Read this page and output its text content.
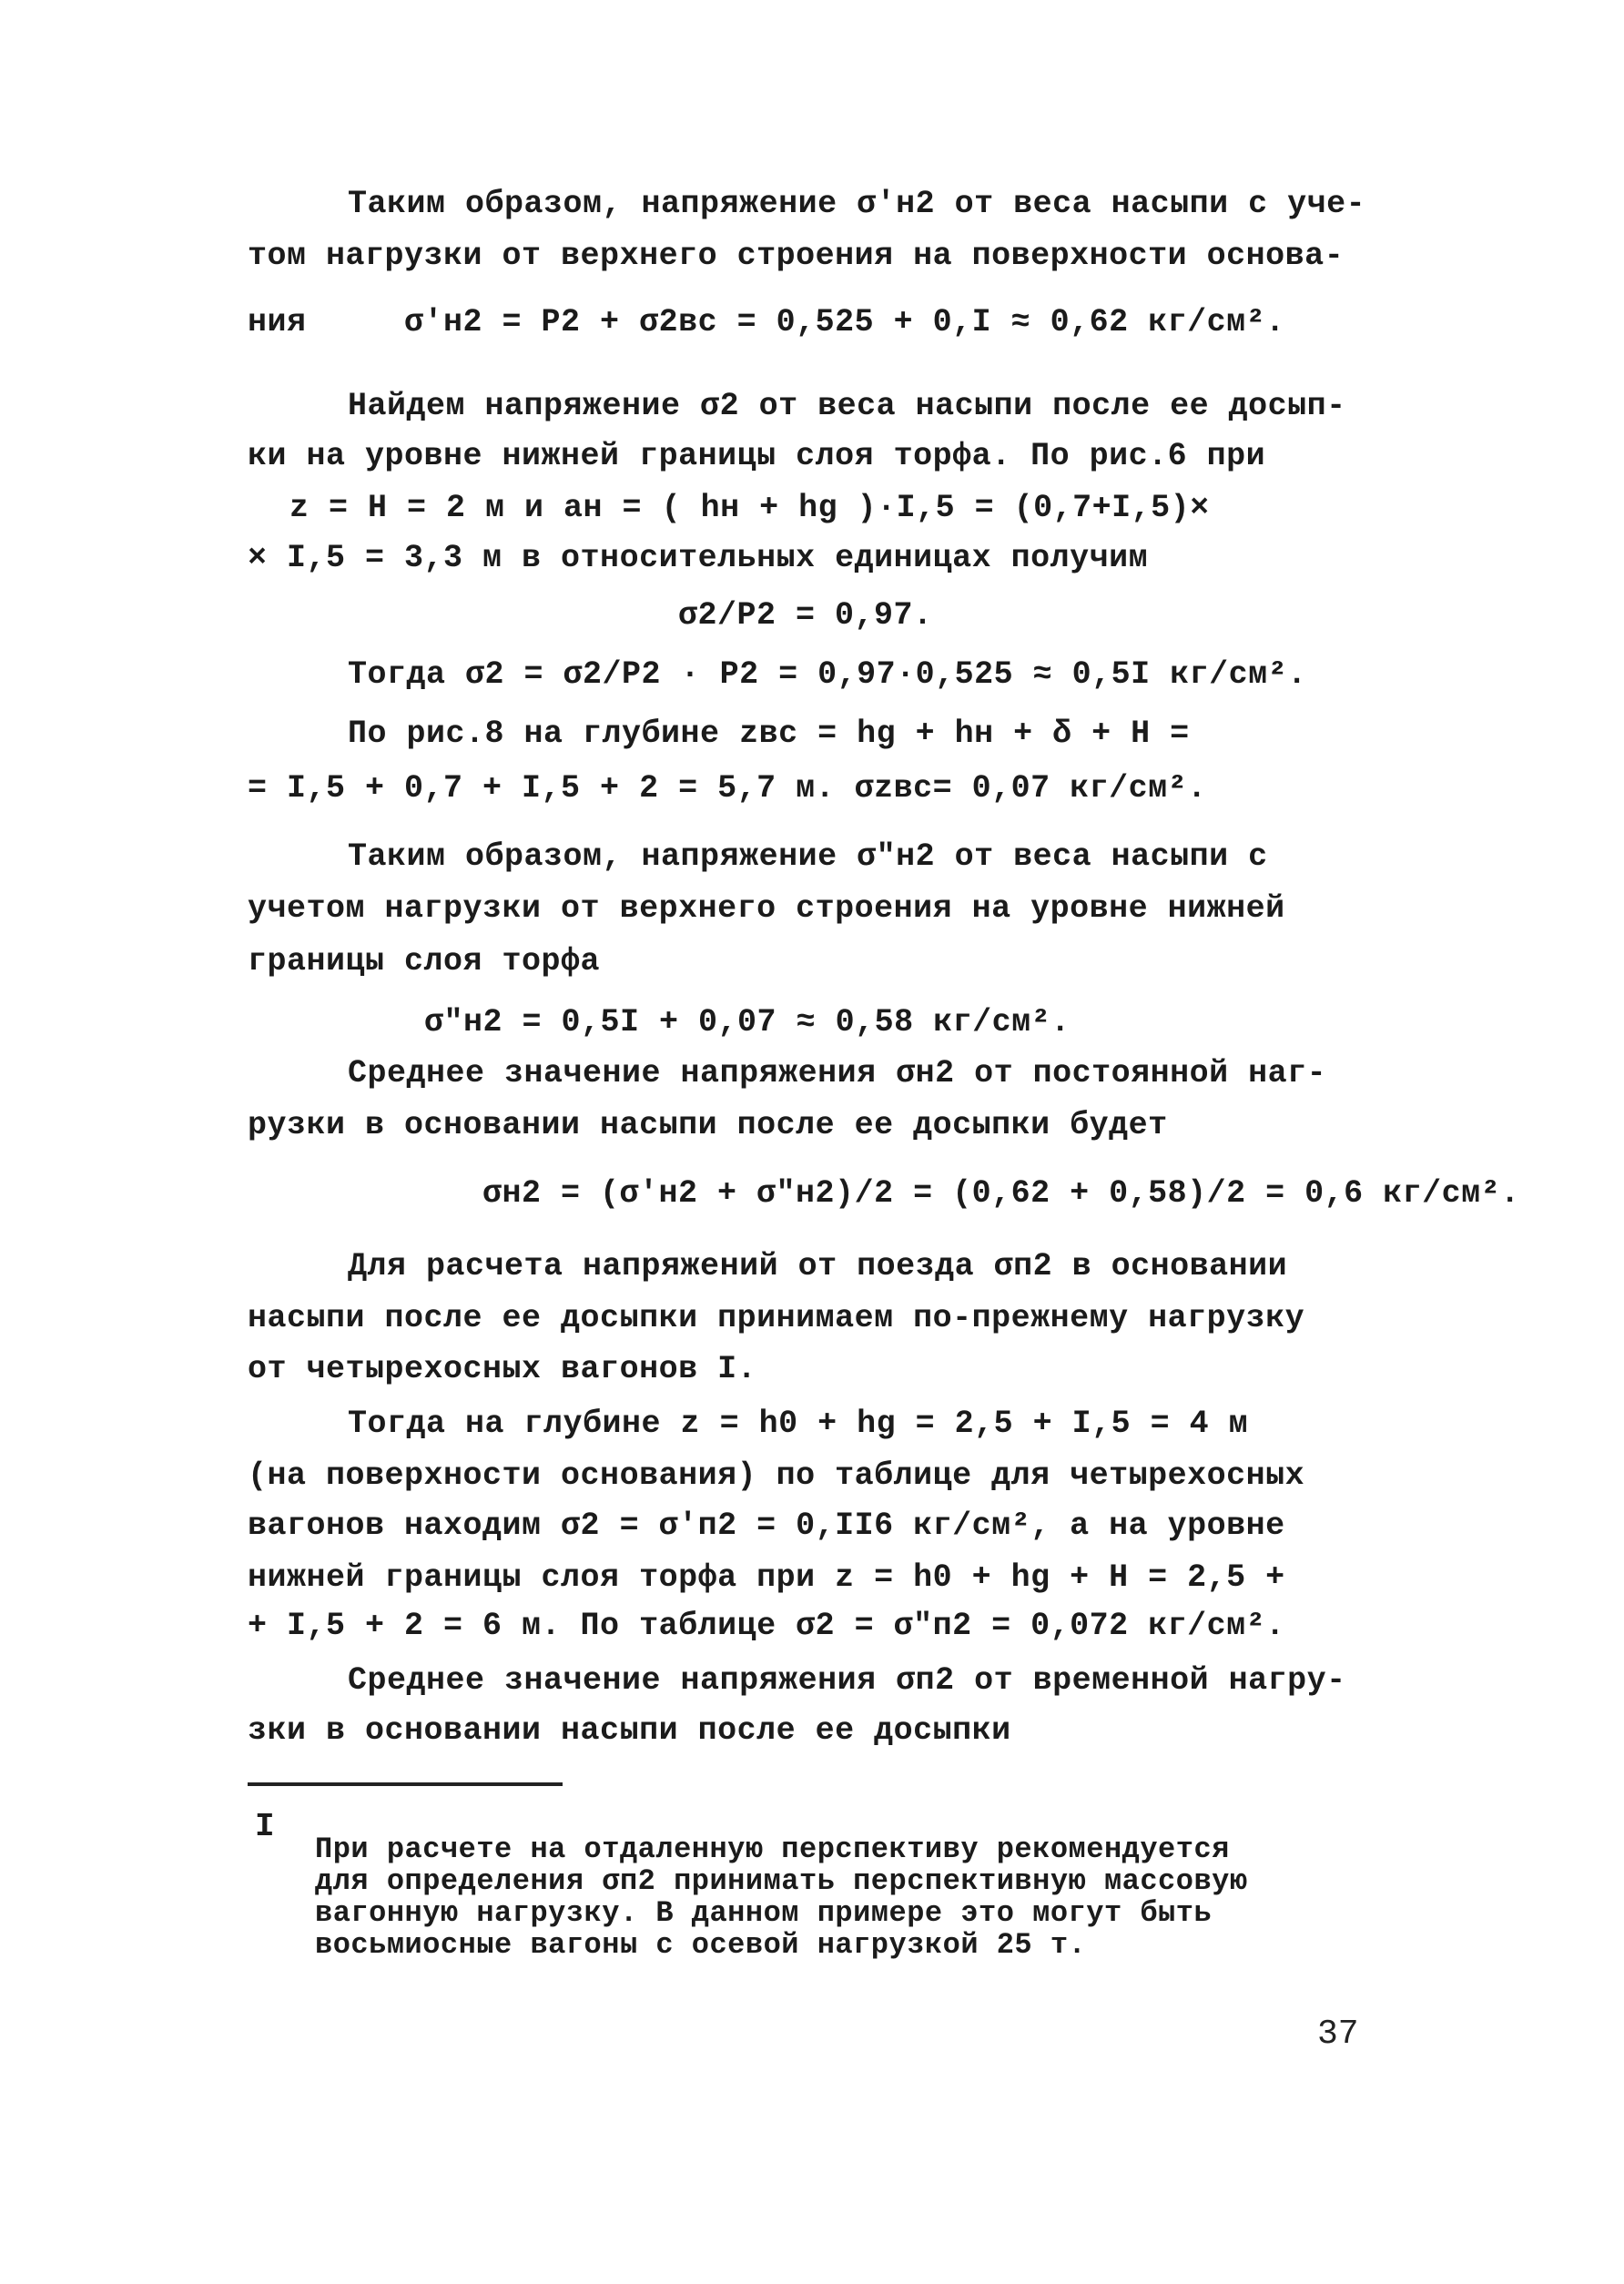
Таким образом, напряжение σ'н2 от веса насыпи с уче-
том нагрузки от верхнего строения на поверхности основа-
ния     σ'н2 = P2 + σ2вс = 0,525 + 0,I ≈ 0,62 кг/см².
Найдем напряжение σ2 от веса насыпи после ее досып-
ки на уровне нижней границы слоя торфа. По рис.6 при
z = H = 2 м и aн = ( hн + hg )·I,5 = (0,7+I,5)×
× I,5 = 3,3 м в относительных единицах получим
σ2/P2 = 0,97.
Тогда σ2 = σ2/P2 · P2 = 0,97·0,525 ≈ 0,5I кг/см².
По рис.8 на глубине zвс = hg + hн + δ + H =
= I,5 + 0,7 + I,5 + 2 = 5,7 м. σzвс= 0,07 кг/см².
Таким образом, напряжение σ"н2 от веса насыпи с
учетом нагрузки от верхнего строения на уровне нижней
границы слоя торфа
σ"н2 = 0,5I + 0,07 ≈ 0,58 кг/см².
Среднее значение напряжения σн2 от постоянной наг-
рузки в основании насыпи после ее досыпки будет
σн2 = (σ'н2 + σ"н2)/2 = (0,62 + 0,58)/2 = 0,6 кг/см².
Для расчета напряжений от поезда σп2 в основании
насыпи после ее досыпки принимаем по-прежнему нагрузку
от четырехосных вагонов I.
Тогда на глубине z = h0 + hg = 2,5 + I,5 = 4 м
(на поверхности основания) по таблице для четырехосных
вагонов находим σ2 = σ'п2 = 0,II6 кг/см², а на уровне
нижней границы слоя торфа при z = h0 + hg + H = 2,5 +
+ I,5 + 2 = 6 м. По таблице σ2 = σ"п2 = 0,072 кг/см².
Среднее значение напряжения σп2 от временной нагру-
зки в основании насыпи после ее досыпки
I
При расчете на отдаленную перспективу рекомендуется
для определения σп2 принимать перспективную массовую
вагонную нагрузку. В данном примере это могут быть
восьмиосные вагоны с осевой нагрузкой 25 т.
37
